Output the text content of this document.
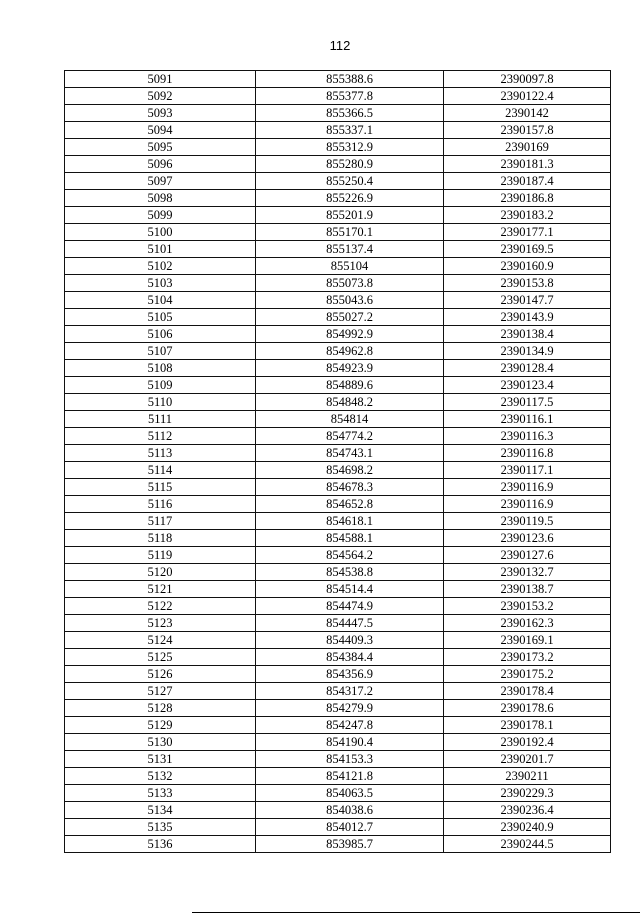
112
5091	855388.6	2390097.8
5092	855377.8	2390122.4
5093	855366.5	2390142
5094	855337.1	2390157.8
5095	855312.9	2390169
5096	855280.9	2390181.3
5097	855250.4	2390187.4
5098	855226.9	2390186.8
5099	855201.9	2390183.2
5100	855170.1	2390177.1
5101	855137.4	2390169.5
5102	855104	2390160.9
5103	855073.8	2390153.8
5104	855043.6	2390147.7
5105	855027.2	2390143.9
5106	854992.9	2390138.4
5107	854962.8	2390134.9
5108	854923.9	2390128.4
5109	854889.6	2390123.4
5110	854848.2	2390117.5
5111	854814	2390116.1
5112	854774.2	2390116.3
5113	854743.1	2390116.8
5114	854698.2	2390117.1
5115	854678.3	2390116.9
5116	854652.8	2390116.9
5117	854618.1	2390119.5
5118	854588.1	2390123.6
5119	854564.2	2390127.6
5120	854538.8	2390132.7
5121	854514.4	2390138.7
5122	854474.9	2390153.2
5123	854447.5	2390162.3
5124	854409.3	2390169.1
5125	854384.4	2390173.2
5126	854356.9	2390175.2
5127	854317.2	2390178.4
5128	854279.9	2390178.6
5129	854247.8	2390178.1
5130	854190.4	2390192.4
5131	854153.3	2390201.7
5132	854121.8	2390211
5133	854063.5	2390229.3
5134	854038.6	2390236.4
5135	854012.7	2390240.9
5136	853985.7	2390244.5
